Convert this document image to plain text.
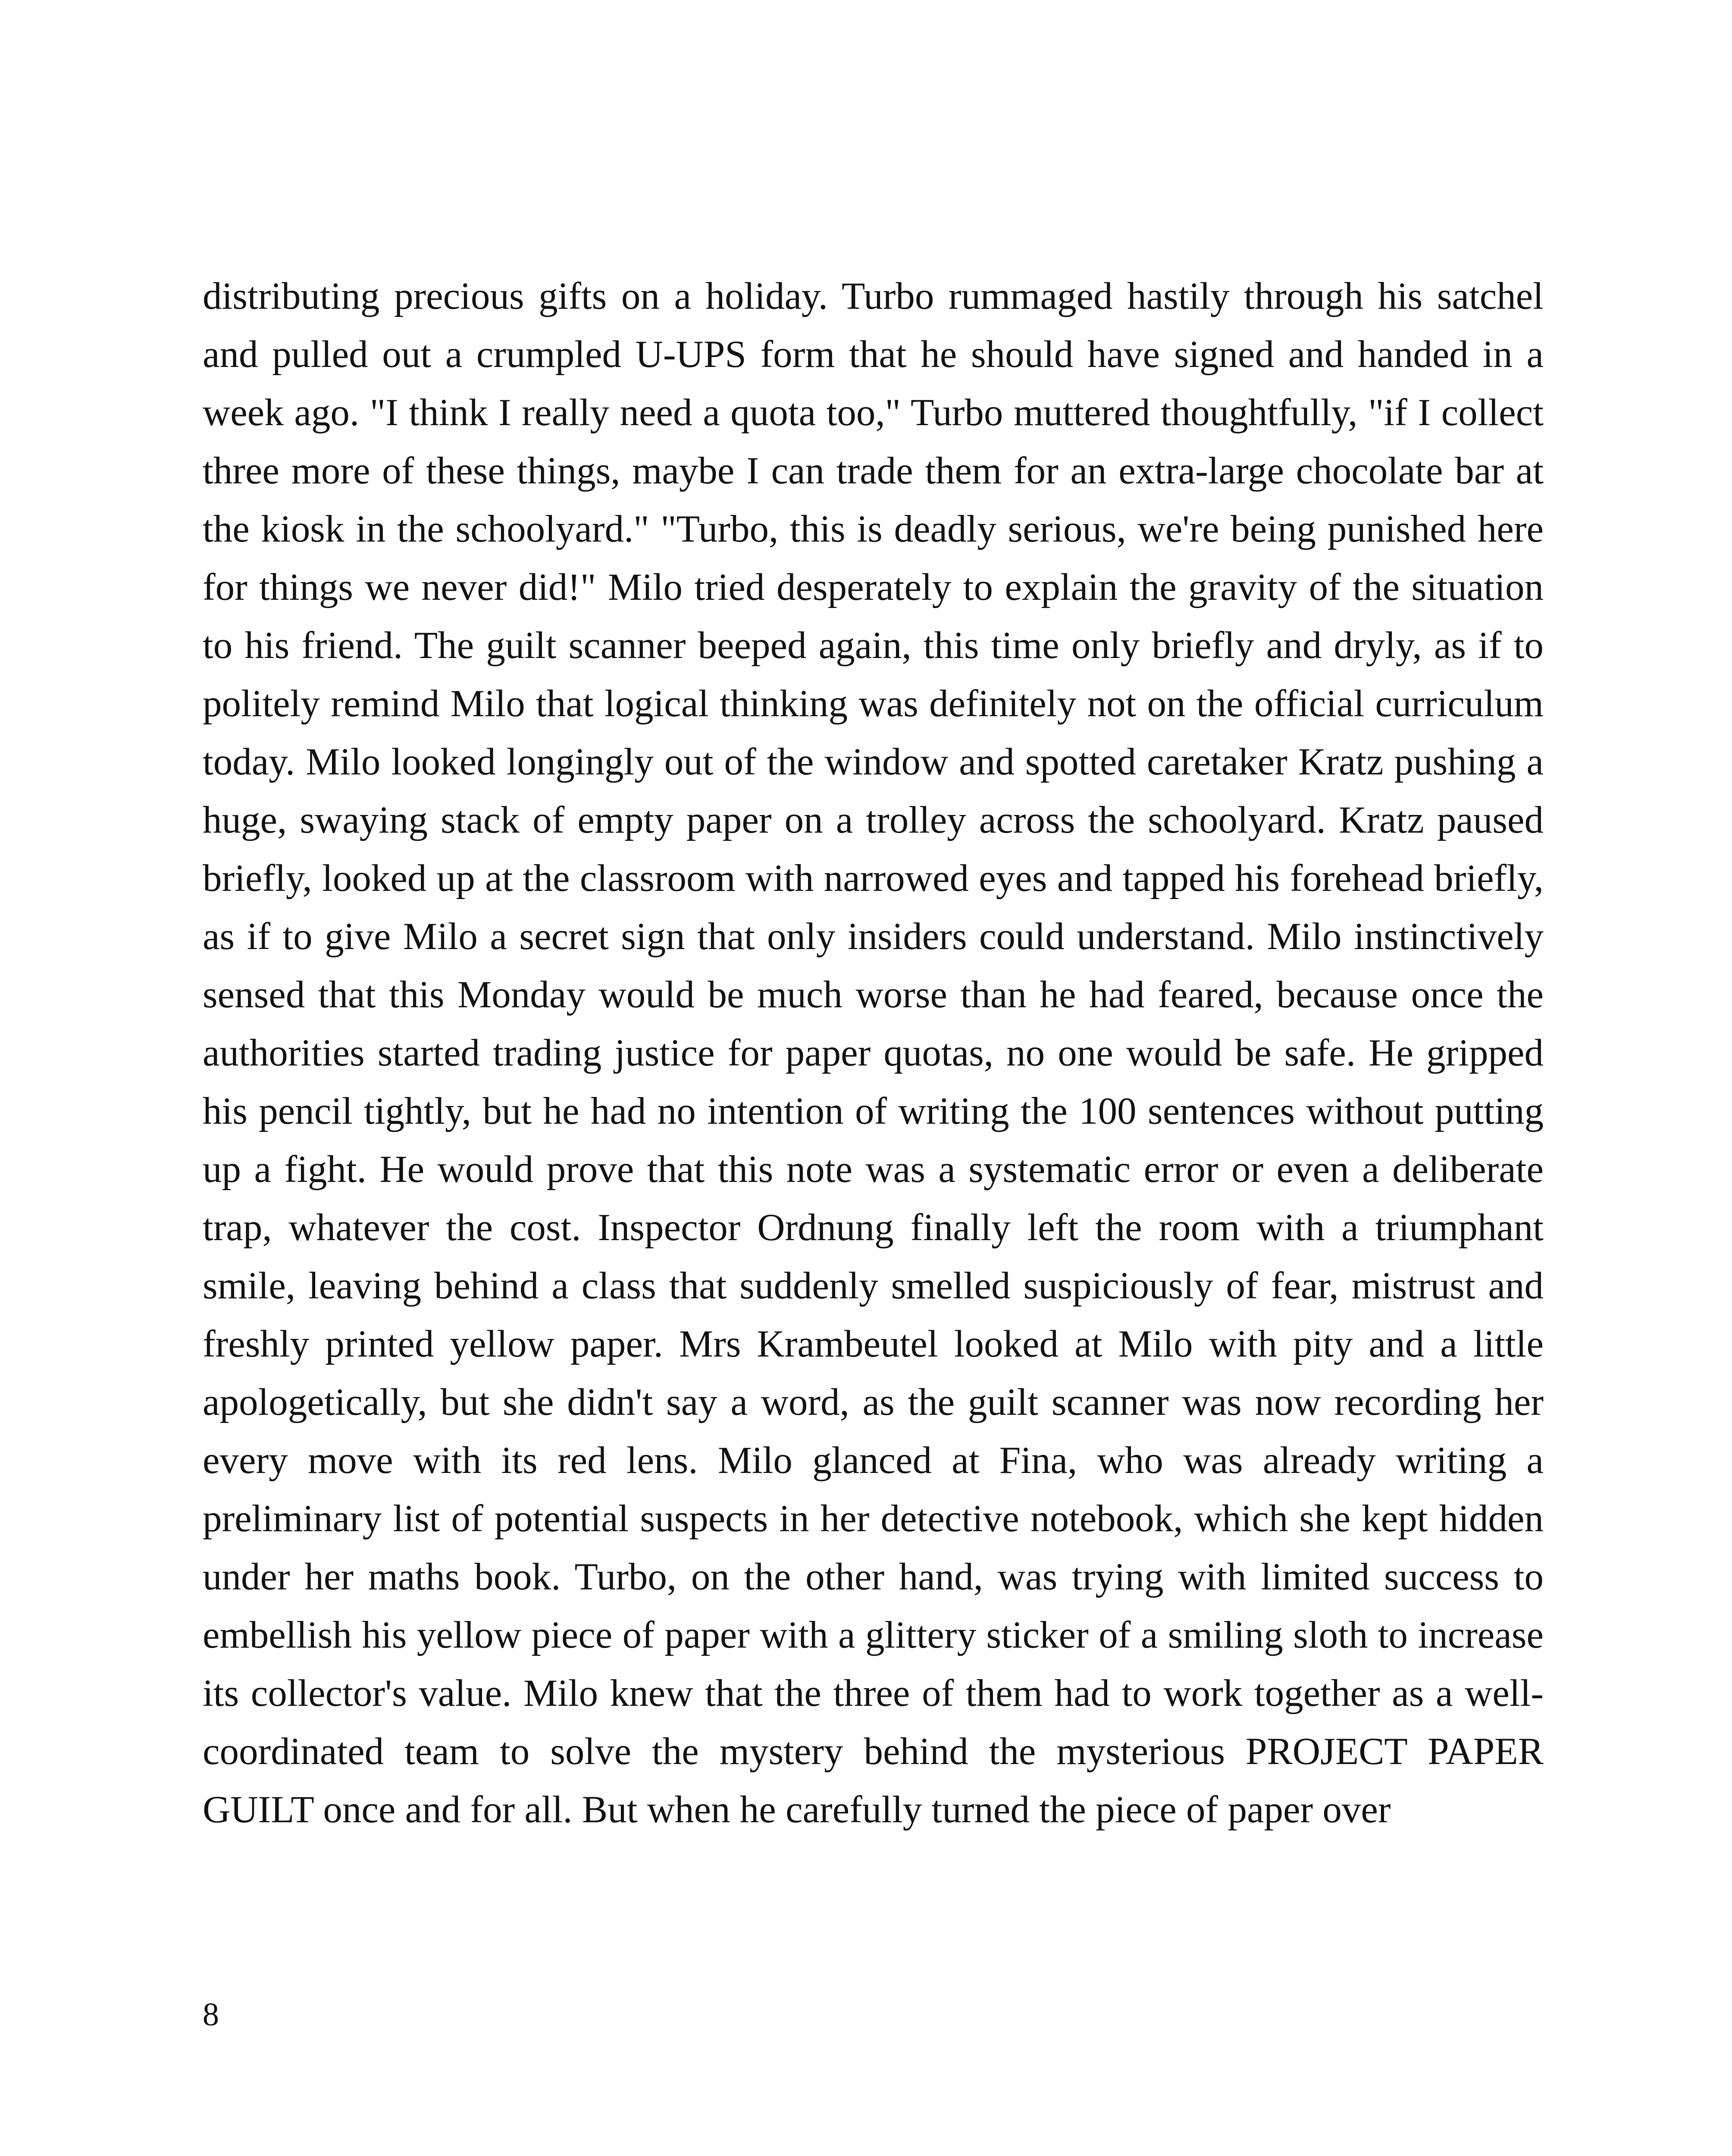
distributing precious gifts on a holiday. Turbo rummaged hastily through his satchel and pulled out a crumpled U-UPS form that he should have signed and handed in a week ago. "I think I really need a quota too," Turbo muttered thoughtfully, "if I collect three more of these things, maybe I can trade them for an extra-large chocolate bar at the kiosk in the schoolyard." "Turbo, this is deadly serious, we're being punished here for things we never did!" Milo tried desperately to explain the gravity of the situation to his friend. The guilt scanner beeped again, this time only briefly and dryly, as if to politely remind Milo that logical thinking was definitely not on the official curriculum today. Milo looked longingly out of the window and spotted caretaker Kratz pushing a huge, swaying stack of empty paper on a trolley across the schoolyard. Kratz paused briefly, looked up at the classroom with narrowed eyes and tapped his forehead briefly, as if to give Milo a secret sign that only insiders could understand. Milo instinctively sensed that this Monday would be much worse than he had feared, because once the authorities started trading justice for paper quotas, no one would be safe. He gripped his pencil tightly, but he had no intention of writing the 100 sentences without putting up a fight. He would prove that this note was a systematic error or even a deliberate trap, whatever the cost. Inspector Ordnung finally left the room with a triumphant smile, leaving behind a class that suddenly smelled suspiciously of fear, mistrust and freshly printed yellow paper. Mrs Krambeutel looked at Milo with pity and a little apologetically, but she didn't say a word, as the guilt scanner was now recording her every move with its red lens. Milo glanced at Fina, who was already writing a preliminary list of potential suspects in her detective notebook, which she kept hidden under her maths book. Turbo, on the other hand, was trying with limited success to embellish his yellow piece of paper with a glittery sticker of a smiling sloth to increase its collector's value. Milo knew that the three of them had to work together as a well-coordinated team to solve the mystery behind the mysterious PROJECT PAPER GUILT once and for all. But when he carefully turned the piece of paper over

8
